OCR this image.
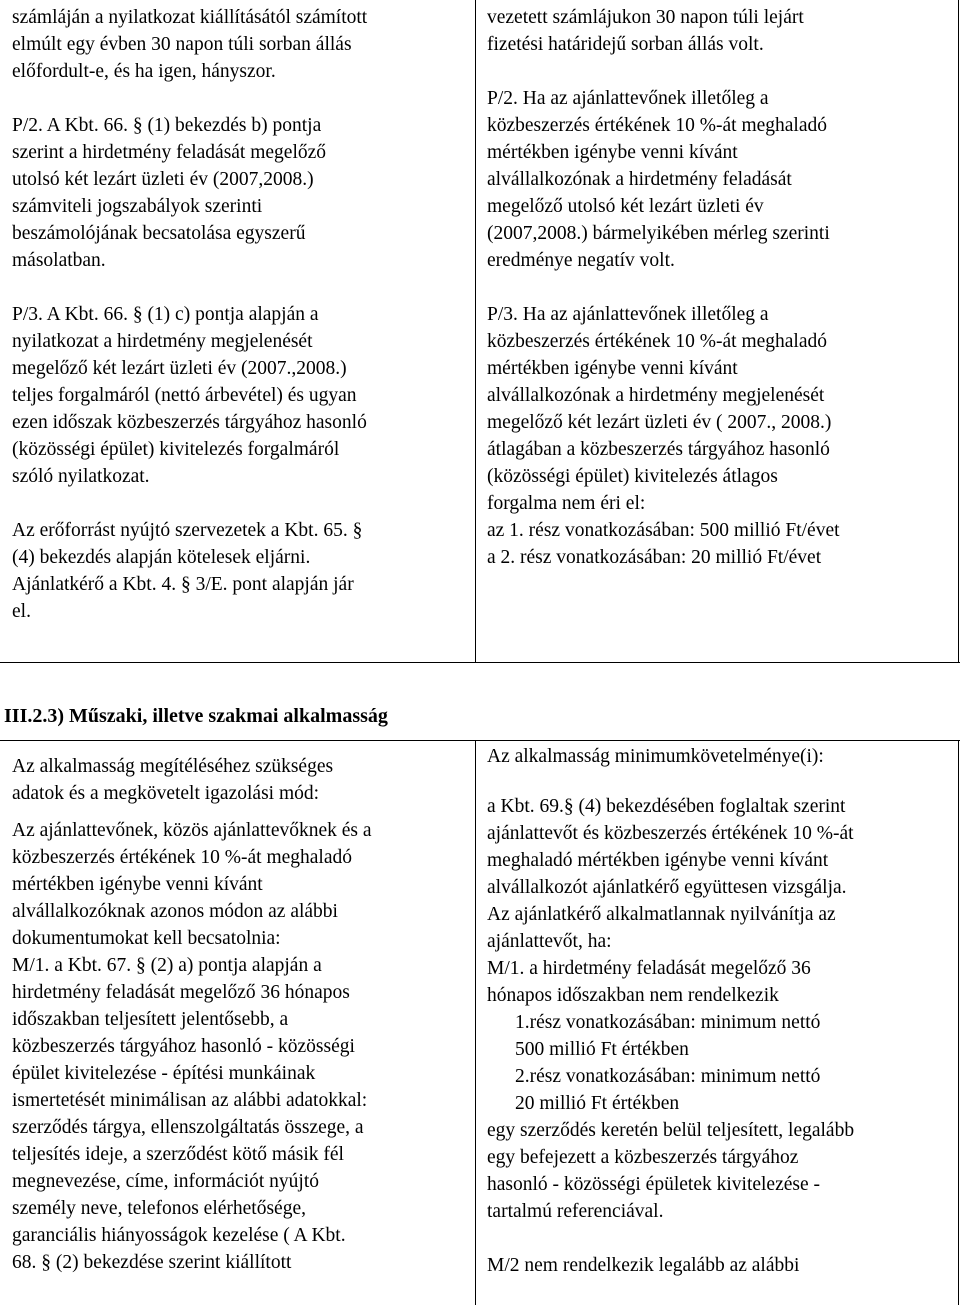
számláján a nyilatkozat kiállításától számított

elmúlt egy évben 30 napon túli sorban állás

előfordult-e, és ha igen, hányszor.

P/2. A Kbt. 66. § (1) bekezdés b) pontja

szerint a hirdetmény feladását megelőző

utolsó két lezárt üzleti év (2007,2008.)

számviteli jogszabályok szerinti

beszámolójának becsatolása egyszerű

másolatban.

P/3. A Kbt. 66. § (1) c) pontja alapján a

nyilatkozat a hirdetmény megjelenését

megelőző két lezárt üzleti év (2007.,2008.)

teljes forgalmáról (nettó árbevétel) és ugyan

ezen időszak közbeszerzés tárgyához hasonló

(közösségi épület) kivitelezés forgalmáról

szóló nyilatkozat.

Az erőforrást nyújtó szervezetek a Kbt. 65. §

(4) bekezdés alapján kötelesek eljárni.

Ajánlatkérő a Kbt. 4. § 3/E. pont alapján jár

el.

vezetett számlájukon 30 napon túli lejárt

fizetési határidejű sorban állás volt.

P/2. Ha az ajánlattevőnek illetőleg a

közbeszerzés értékének 10 %-át meghaladó

mértékben igénybe venni kívánt

alvállalkozónak a hirdetmény feladását

megelőző utolsó két lezárt üzleti év

(2007,2008.) bármelyikében mérleg szerinti

eredménye negatív volt.

P/3. Ha az ajánlattevőnek illetőleg a

közbeszerzés értékének 10 %-át meghaladó

mértékben igénybe venni kívánt

alvállalkozónak a hirdetmény megjelenését

megelőző két lezárt üzleti év ( 2007., 2008.)

átlagában a közbeszerzés tárgyához hasonló

(közösségi épület) kivitelezés átlagos

forgalma nem éri el:

az 1. rész vonatkozásában: 500 millió Ft/évet

a 2. rész vonatkozásában: 20 millió Ft/évet

III.2.3) Műszaki, illetve szakmai alkalmasság

Az alkalmasság megítéléséhez szükséges

adatok és a megkövetelt igazolási mód:

Az ajánlattevőnek, közös ajánlattevőknek és a

közbeszerzés értékének 10 %-át meghaladó

mértékben igénybe venni kívánt

alvállalkozóknak azonos módon az alábbi

dokumentumokat kell becsatolnia:

M/1. a Kbt. 67. § (2) a) pontja alapján a

hirdetmény feladását megelőző 36 hónapos

időszakban teljesített jelentősebb, a

közbeszerzés tárgyához hasonló - közösségi

épület kivitelezése - építési munkáinak

ismertetését minimálisan az alábbi adatokkal:

szerződés tárgya, ellenszolgáltatás összege, a

teljesítés ideje, a szerződést kötő másik fél

megnevezése, címe, információt nyújtó

személy neve, telefonos elérhetősége,

garanciális hiányosságok kezelése ( A Kbt.

68. § (2) bekezdése szerint kiállított

Az alkalmasság minimumkövetelménye(i):

a Kbt. 69.§ (4) bekezdésében foglaltak szerint

ajánlattevőt és közbeszerzés értékének 10 %-át

meghaladó mértékben igénybe venni kívánt

alvállalkozót ajánlatkérő együttesen vizsgálja.

Az ajánlatkérő alkalmatlannak nyilvánítja az

ajánlattevőt, ha:

M/1. a hirdetmény feladását megelőző 36

hónapos időszakban nem rendelkezik

1.rész vonatkozásában: minimum nettó

500 millió Ft értékben

2.rész vonatkozásában: minimum nettó

20 millió Ft értékben

egy szerződés keretén belül teljesített, legalább

egy befejezett a közbeszerzés tárgyához

hasonló - közösségi épületek kivitelezése -

tartalmú referenciával.

M/2 nem rendelkezik legalább az alábbi
